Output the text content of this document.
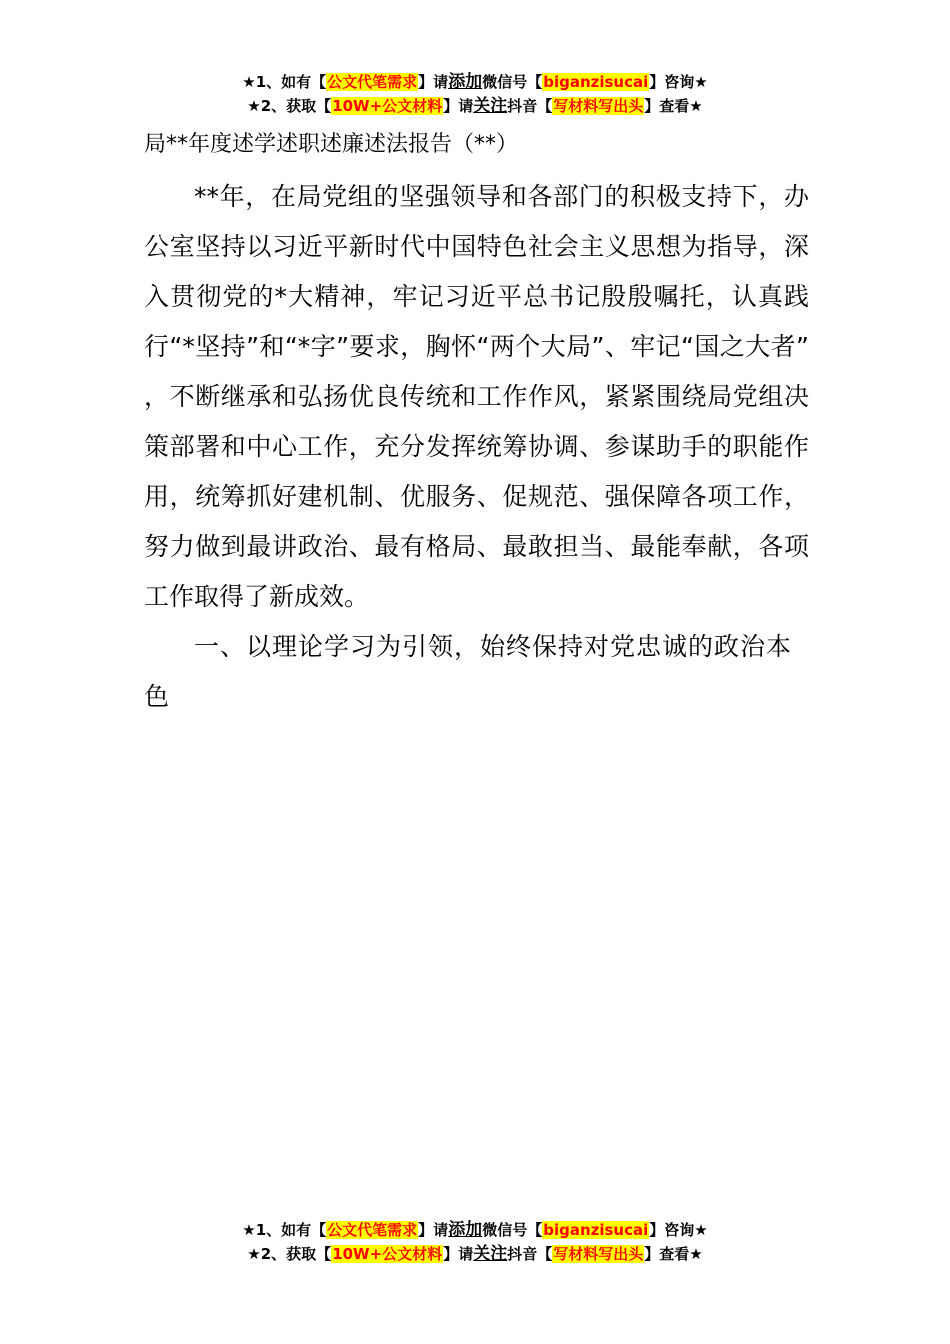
★1、如有【公文代笔需求】请添加微信号【biganzisucai】咨询★
★2、获取【10W+公文材料】请关注抖音【写材料写出头】查看★
局**年度述学述职述廉述法报告（**）

**年，在局党组的坚强领导和各部门的积极支持下，办公室坚持以习近平新时代中国特色社会主义思想为指导，深入贯彻党的*大精神，牢记习近平总书记殷殷嘱托，认真践行“*坚持”和“*字”要求，胸怀“两个大局”、牢记“国之大者” ，不断继承和弘扬优良传统和工作作风，紧紧围绕局党组决策部署和中心工作，充分发挥统筹协调、参谋助手的职能作用，统筹抓好建机制、优服务、促规范、强保障各项工作，努力做到最讲政治、最有格局、最敢担当、最能奉献，各项工作取得了新成效。

一、以理论学习为引领，始终保持对党忠诚的政治本色

★1、如有【公文代笔需求】请添加微信号【biganzisucai】咨询★
★2、获取【10W+公文材料】请关注抖音【写材料写出头】查看★
